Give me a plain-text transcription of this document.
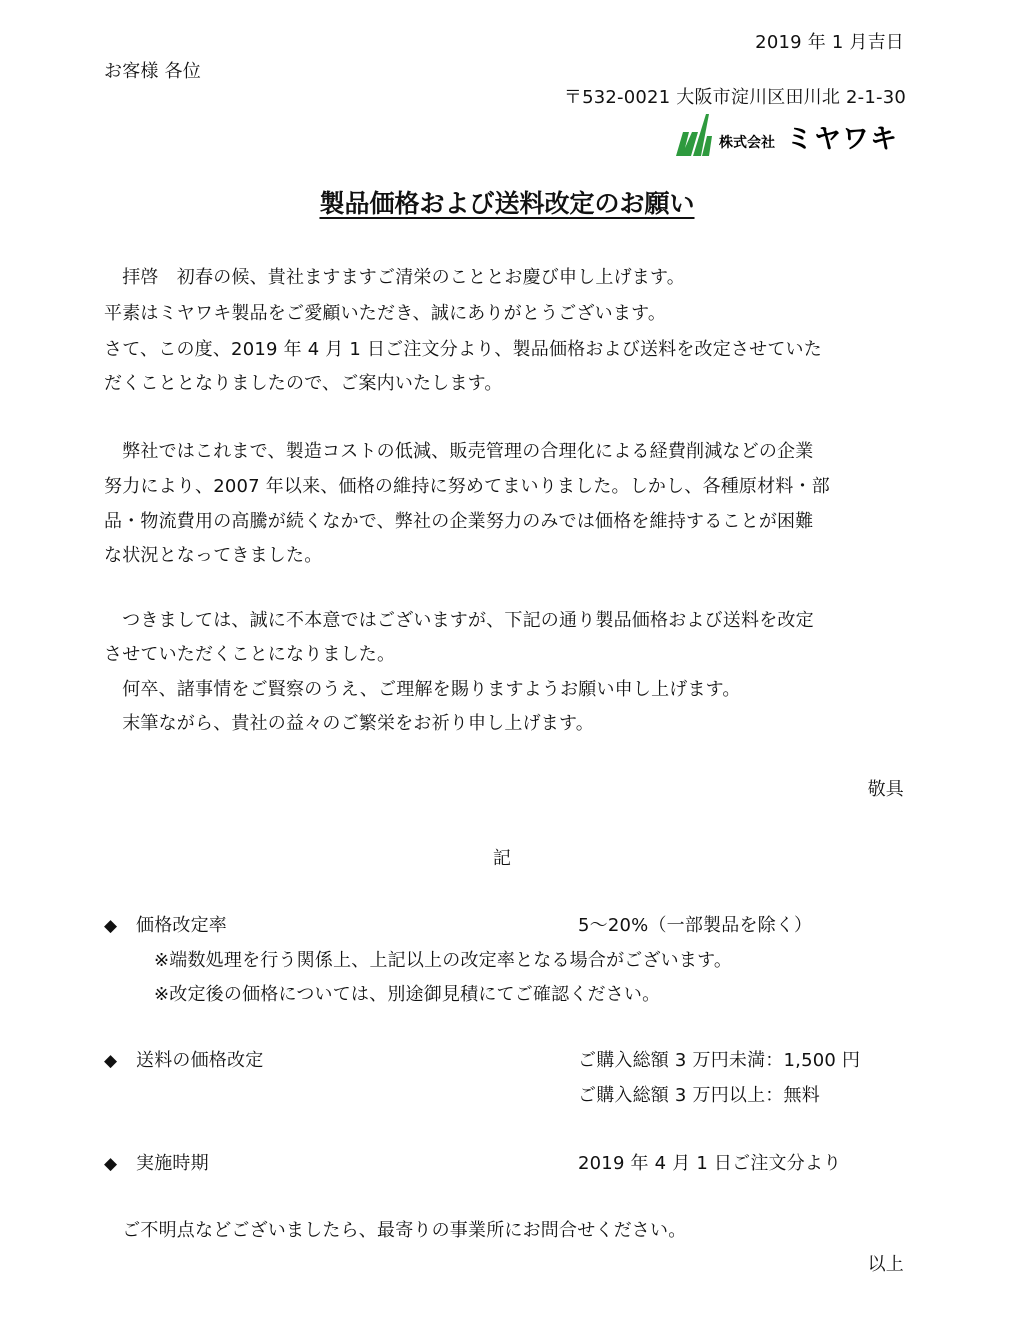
2019 年 1 月吉日
お客様 各位
〒532-0021 大阪市淀川区田川北 2-1-30
株式会社 ミヤワキ
製品価格および送料改定のお願い
　拝啓　初春の候、貴社ますますご清栄のこととお慶び申し上げます。
平素はミヤワキ製品をご愛顧いただき、誠にありがとうございます。
さて、この度、2019 年 4 月 1 日ご注文分より、製品価格および送料を改定させていた
だくこととなりましたので、ご案内いたします。
　弊社ではこれまで、製造コストの低減、販売管理の合理化による経費削減などの企業
努力により、2007 年以来、価格の維持に努めてまいりました。しかし、各種原材料・部
品・物流費用の高騰が続くなかで、弊社の企業努力のみでは価格を維持することが困難
な状況となってきました。
　つきましては、誠に不本意ではございますが、下記の通り製品価格および送料を改定
させていただくことになりました。
　何卒、諸事情をご賢察のうえ、ご理解を賜りますようお願い申し上げます。
　末筆ながら、貴社の益々のご繁栄をお祈り申し上げます。
敬具
記
◆ 価格改定率	5～20%（一部製品を除く）
※端数処理を行う関係上、上記以上の改定率となる場合がございます。
※改定後の価格については、別途御見積にてご確認ください。
◆ 送料の価格改定	ご購入総額 3 万円未満：1,500 円
ご購入総額 3 万円以上：無料
◆ 実施時期	2019 年 4 月 1 日ご注文分より
　ご不明点などございましたら、最寄りの事業所にお問合せください。
以上
